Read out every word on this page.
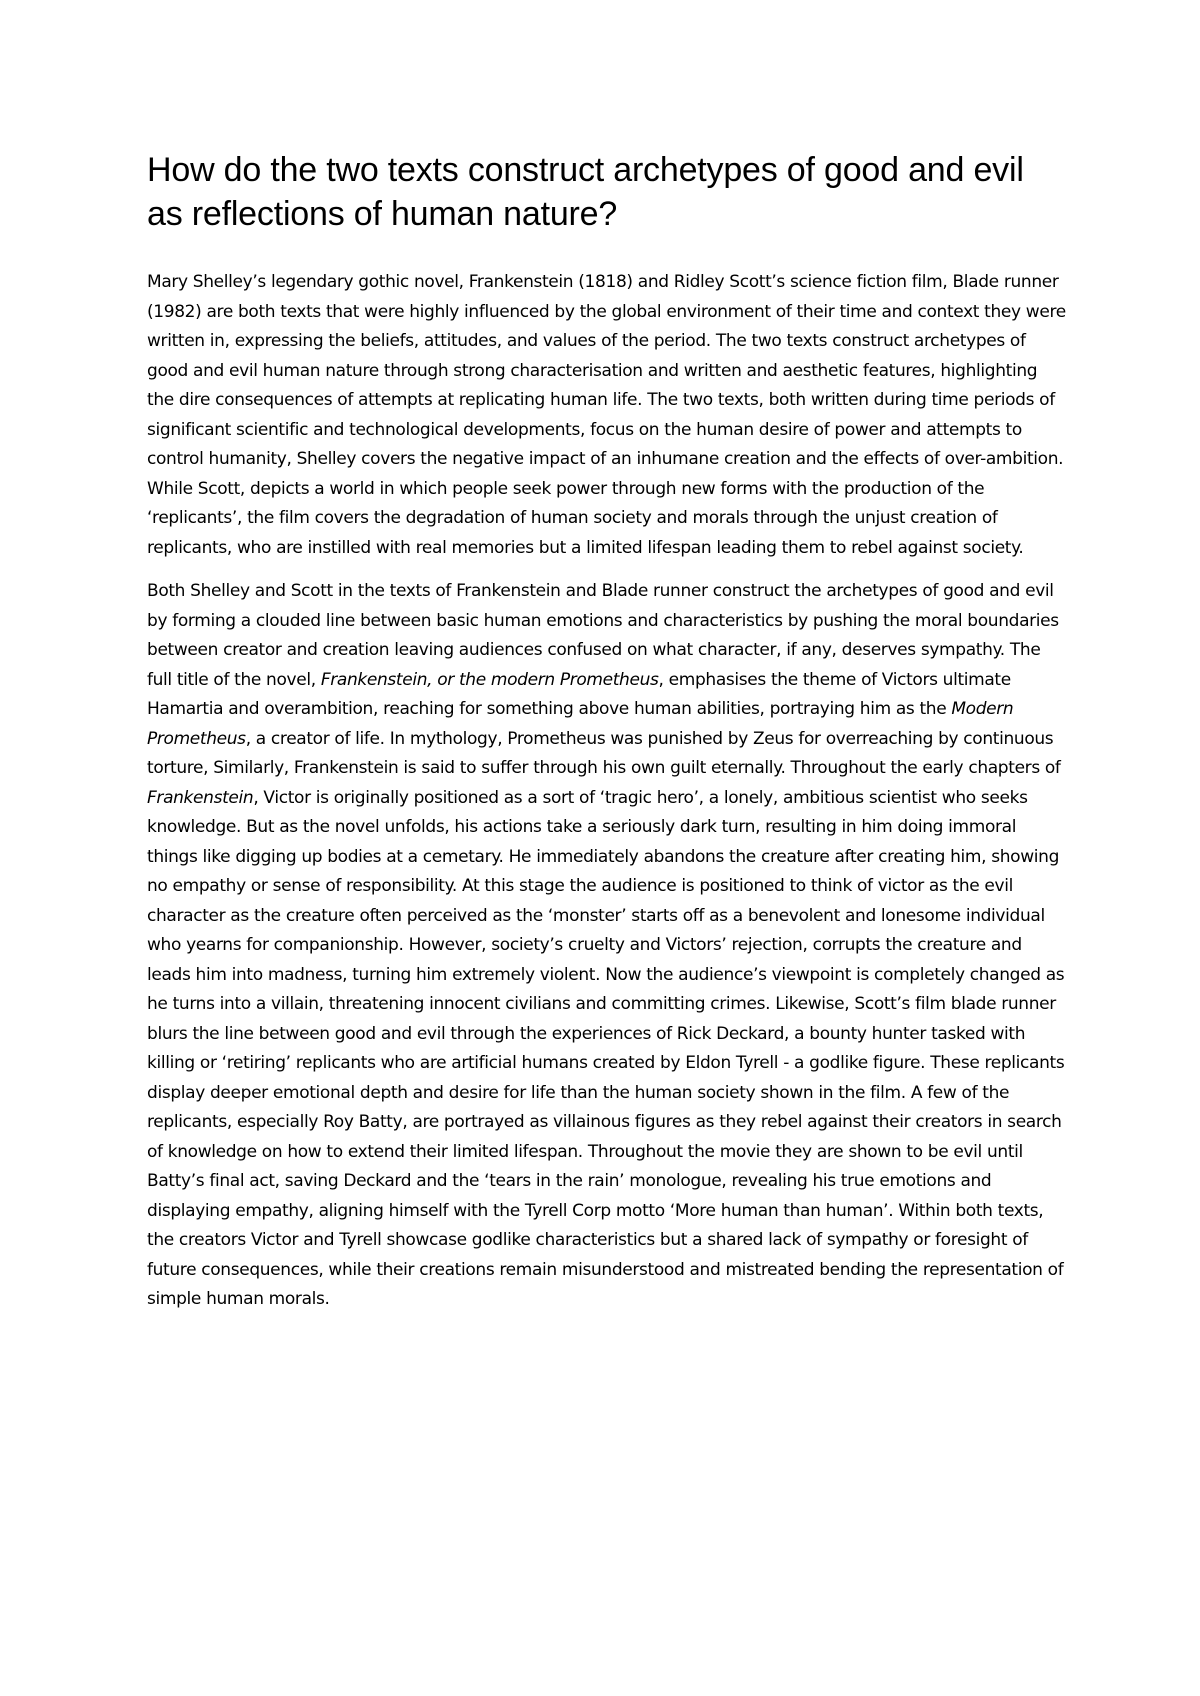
How do the two texts construct archetypes of good and evil as reflections of human nature?

Mary Shelley’s legendary gothic novel, Frankenstein (1818) and Ridley Scott’s science fiction film, Blade runner (1982) are both texts that were highly influenced by the global environment of their time and context they were written in, expressing the beliefs, attitudes, and values of the period. The two texts construct archetypes of good and evil human nature through strong characterisation and written and aesthetic features, highlighting the dire consequences of attempts at replicating human life. The two texts, both written during time periods of significant scientific and technological developments, focus on the human desire of power and attempts to control humanity, Shelley covers the negative impact of an inhumane creation and the effects of over-ambition. While Scott, depicts a world in which people seek power through new forms with the production of the ‘replicants’, the film covers the degradation of human society and morals through the unjust creation of replicants, who are instilled with real memories but a limited lifespan leading them to rebel against society.

Both Shelley and Scott in the texts of Frankenstein and Blade runner construct the archetypes of good and evil by forming a clouded line between basic human emotions and characteristics by pushing the moral boundaries between creator and creation leaving audiences confused on what character, if any, deserves sympathy. The full title of the novel, Frankenstein, or the modern Prometheus, emphasises the theme of Victors ultimate Hamartia and overambition, reaching for something above human abilities, portraying him as the Modern Prometheus, a creator of life. In mythology, Prometheus was punished by Zeus for overreaching by continuous torture, Similarly, Frankenstein is said to suffer through his own guilt eternally. Throughout the early chapters of Frankenstein, Victor is originally positioned as a sort of ‘tragic hero’, a lonely, ambitious scientist who seeks knowledge. But as the novel unfolds, his actions take a seriously dark turn, resulting in him doing immoral things like digging up bodies at a cemetary. He immediately abandons the creature after creating him, showing no empathy or sense of responsibility. At this stage the audience is positioned to think of victor as the evil character as the creature often perceived as the ‘monster’ starts off as a benevolent and lonesome individual who yearns for companionship. However, society’s cruelty and Victors’ rejection, corrupts the creature and leads him into madness, turning him extremely violent. Now the audience’s viewpoint is completely changed as he turns into a villain, threatening innocent civilians and committing crimes. Likewise, Scott’s film blade runner blurs the line between good and evil through the experiences of Rick Deckard, a bounty hunter tasked with killing or ‘retiring’ replicants who are artificial humans created by Eldon Tyrell - a godlike figure. These replicants display deeper emotional depth and desire for life than the human society shown in the film. A few of the replicants, especially Roy Batty, are portrayed as villainous figures as they rebel against their creators in search of knowledge on how to extend their limited lifespan. Throughout the movie they are shown to be evil until Batty’s final act, saving Deckard and the ‘tears in the rain’ monologue, revealing his true emotions and displaying empathy, aligning himself with the Tyrell Corp motto ‘More human than human’. Within both texts, the creators Victor and Tyrell showcase godlike characteristics but a shared lack of sympathy or foresight of future consequences, while their creations remain misunderstood and mistreated bending the representation of simple human morals.
